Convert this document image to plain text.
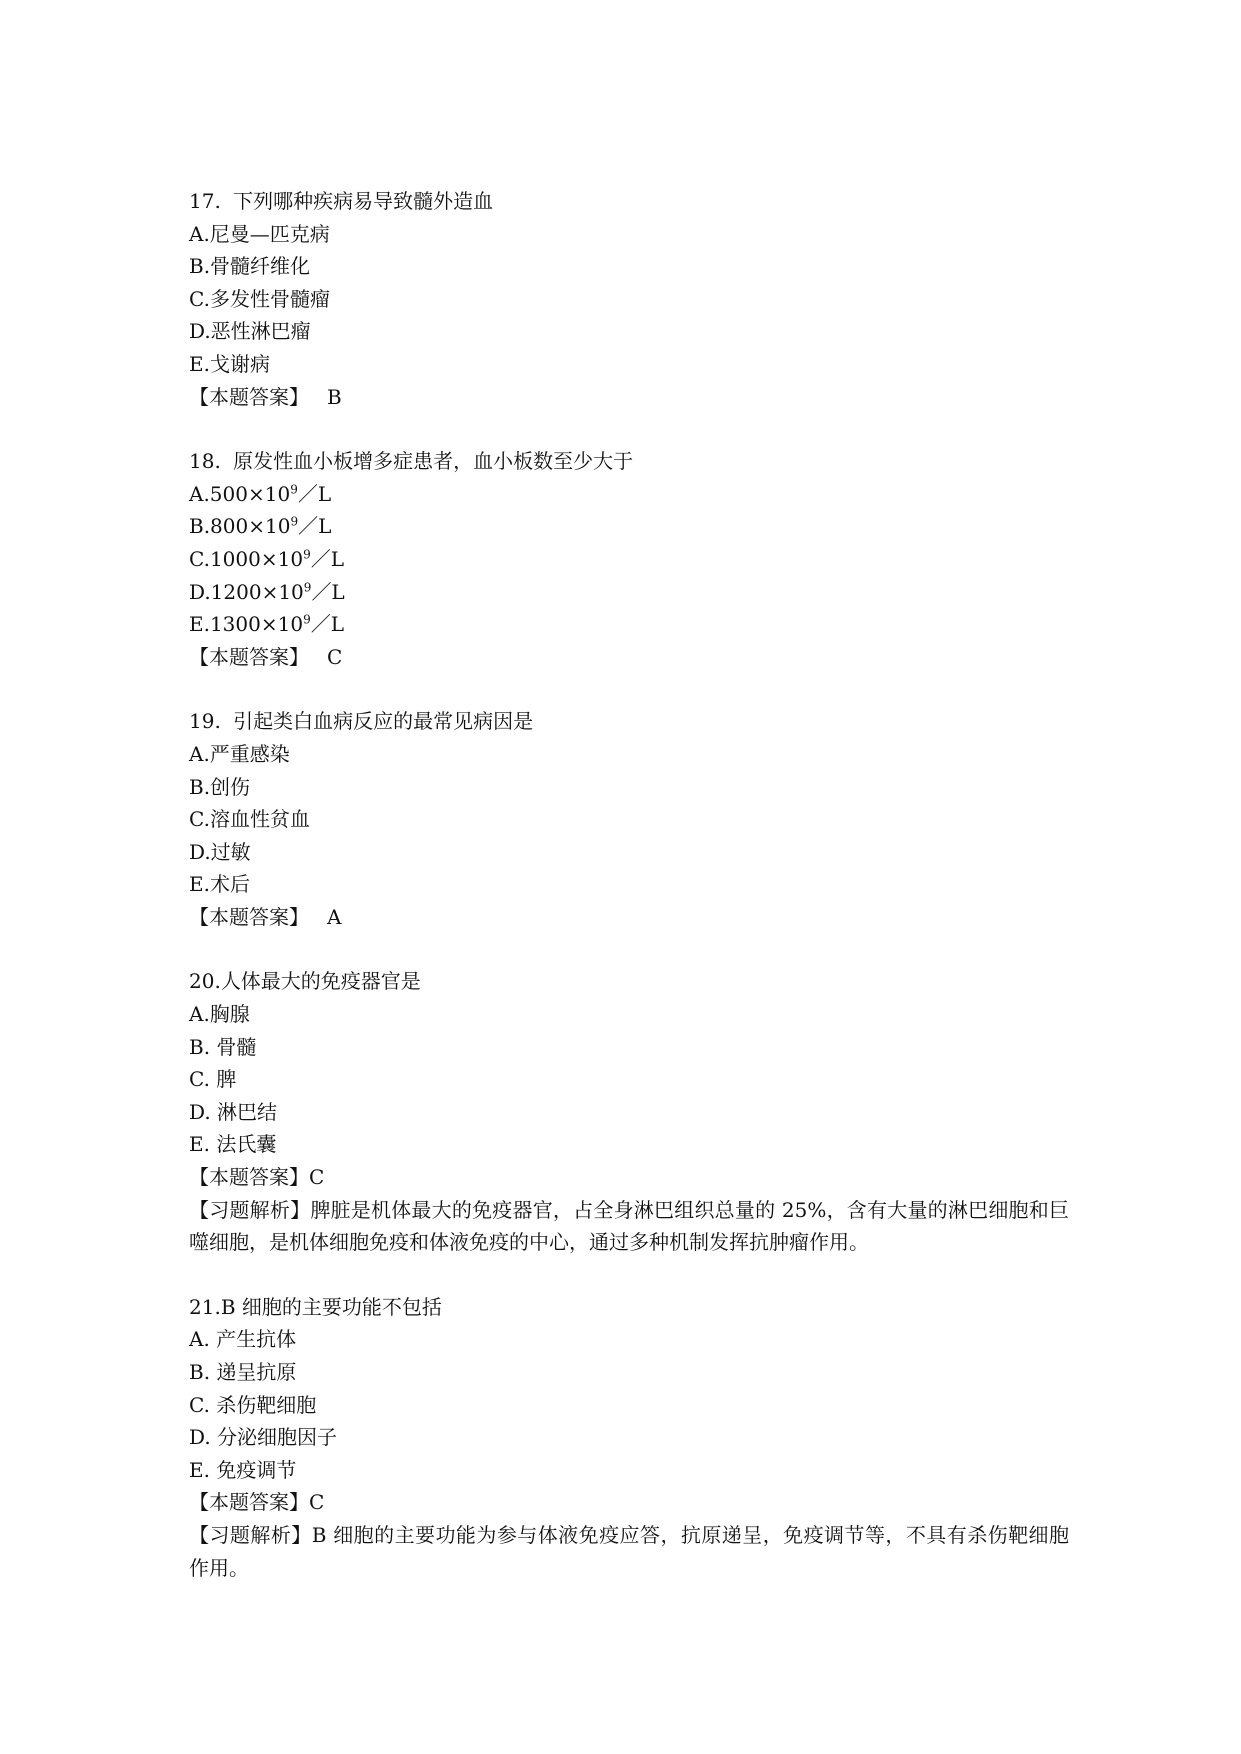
17. 下列哪种疾病易导致髓外造血
A.尼曼—匹克病
B.骨髓纤维化
C.多发性骨髓瘤
D.恶性淋巴瘤
E.戈谢病
【本题答案】 B
18. 原发性血小板增多症患者，血小板数至少大于
$A.500\times 10^9/L$
$B.800\times 10^9/L$
$C.1000\times 10^9/L$
$D.1200\times 10^9/L$
$E.1300\times 10^9/L$
【本题答案】 C
19. 引起类白血病反应的最常见病因是
A.严重感染
B.创伤
C.溶血性贫血
D.过敏
E.术后
【本题答案】 A
20.人体最大的免疫器官是
A.胸腺
B. 骨髓
C. 脾
D. 淋巴结
E. 法氏囊
【本题答案】C
【习题解析】脾脏是机体最大的免疫器官，占全身淋巴组织总量的 25%，含有大量的淋巴细胞和巨噬细胞，是机体细胞免疫和体液免疫的中心，通过多种机制发挥抗肿瘤作用。
21.B 细胞的主要功能不包括
A. 产生抗体
B. 递呈抗原
C. 杀伤靶细胞
D. 分泌细胞因子
E. 免疫调节
【本题答案】C
【习题解析】B 细胞的主要功能为参与体液免疫应答，抗原递呈，免疫调节等，不具有杀伤靶细胞作用。
